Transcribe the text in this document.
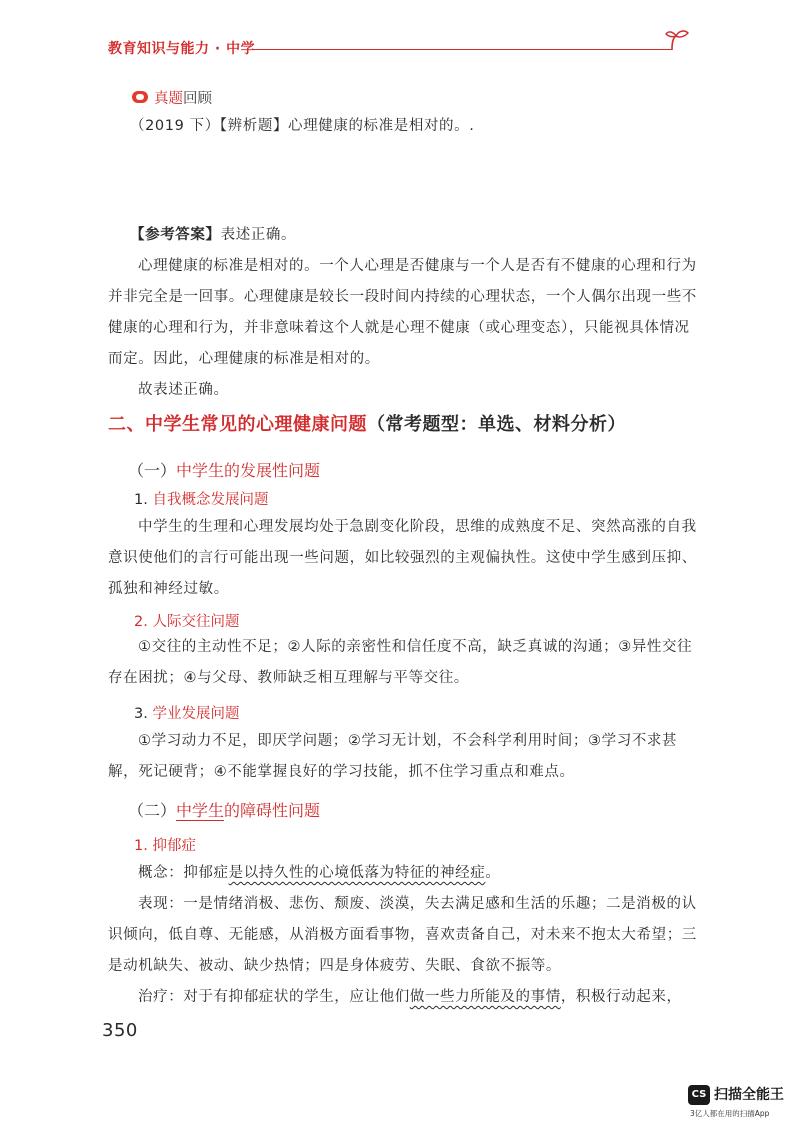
教育知识与能力 · 中学
真题 回顾
（2019 下）【辨析题】心理健康的标准是相对的。.
【参考答案】表述正确。

心理健康的标准是相对的。一个人心理是否健康与一个人是否有不健康的心理和行为并非完全是一回事。心理健康是较长一段时间内持续的心理状态，一个人偶尔出现一些不健康的心理和行为，并非意味着这个人就是心理不健康（或心理变态），只能视具体情况而定。因此，心理健康的标准是相对的。

故表述正确。

二、中学生常见的心理健康问题（常考题型：单选、材料分析）
（一）中学生的发展性问题
1. 自我概念发展问题

中学生的生理和心理发展均处于急剧变化阶段，思维的成熟度不足、突然高涨的自我意识使他们的言行可能出现一些问题，如比较强烈的主观偏执性。这使中学生感到压抑、孤独和神经过敏。

2. 人际交往问题

①交往的主动性不足；②人际的亲密性和信任度不高，缺乏真诚的沟通；③异性交往存在困扰；④与父母、教师缺乏相互理解与平等交往。

3. 学业发展问题

①学习动力不足，即厌学问题；②学习无计划，不会科学利用时间；③学习不求甚解，死记硬背；④不能掌握良好的学习技能，抓不住学习重点和难点。

（二）中学生的障碍性问题
1. 抑郁症

概念：抑郁症是以持久性的心境低落为特征的神经症。

表现：一是情绪消极、悲伤、颓废、淡漠，失去满足感和生活的乐趣；二是消极的认识倾向，低自尊、无能感，从消极方面看事物，喜欢责备自己，对未来不抱太大希望；三是动机缺失、被动、缺少热情；四是身体疲劳、失眠、食欲不振等。

治疗：对于有抑郁症状的学生，应让他们做一些力所能及的事情，积极行动起来，

350
CS 扫描全能王
3亿人都在用的扫描App
